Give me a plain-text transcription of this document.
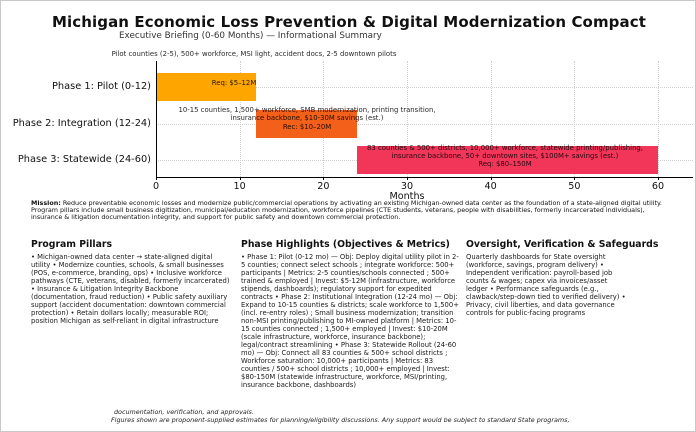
Michigan Economic Loss Prevention & Digital Modernization Compact
Executive Briefing (0-60 Months) — Informational Summary
0	10	20	30	40	50	60
Phase 1: Pilot (0-12)
Phase 2: Integration (12-24)
Phase 3: Statewide (24-60)
Pilot counties (2-5), 500+ workforce, MSI light, accident docs, 2-5 downtown pilots
Req: $5–12M
10-15 counties, 1,500+ workforce, SMB modernization, printing transition,
insurance backbone, $10-30M savings (est.)
Rec: $10–20M
83 counties & 500+ districts, 10,000+ workforce, statewide printing/publishing,
insurance backbone, 50+ downtown sites, $100M+ savings (est.)
Req: $80–150M
Months
Mission: Reduce preventable economic losses and modernize public/commercial operations by activating an existing Michigan-owned data center as the foundation of a state-aligned digital utility. Program pillars include small business digitization, municipal/education modernization, workforce pipelines (CTE students, veterans, people with disabilities, formerly incarcerated individuals), insurance & litigation documentation integrity, and support for public safety and downtown commercial protection.
Program Pillars

• Michigan-owned data center → state-aligned digital utility • Modernize counties, schools, & small businesses (POS, e-commerce, branding, ops) • Inclusive workforce pathways (CTE, veterans, disabled, formerly incarcerated) • Insurance & Litigation Integrity Backbone (documentation, fraud reduction) • Public safety auxiliary support (accident documentation: downtown commercial protection) • Retain dollars locally; measurable ROI; position Michigan as self-reliant in digital infrastructure

Phase Highlights (Objectives & Metrics)

• Phase 1: Pilot (0-12 mo) — Obj: Deploy digital utility pilot in 2-5 counties; connect select schools ; integrate workforce: 500+ participants | Metrics: 2-5 counties/schools connected ; 500+ trained & employed | Invest: $5-12M (infrastructure, workforce stipends, dashboards); regulatory support for expedited contracts • Phase 2: Institutional Integration (12-24 mo) — Obj: Expand to 10-15 counties & districts; scale workforce to 1,500+ (incl. re-entry roles) ; Small business modernization; transition non-MSI printing/publishing to MI-owned platform | Metrics: 10-15 counties connected ; 1,500+ employed | Invest: $10-20M (scale infrastructure, workforce, insurance backbone); legal/contract streamlining • Phase 3: Statewide Rollout (24-60 mo) — Obj: Connect all 83 counties & 500+ school districts ; Workforce saturation: 10,000+ participants | Metrics: 83 counties / 500+ school districts ; 10,000+ employed | Invest: $80-150M (statewide infrastructure, workforce, MSI/printing, insurance backbone, dashboards)

Oversight, Verification & Safeguards

Quarterly dashboards for State oversight (workforce, savings, program delivery) • Independent verification: payroll-based job counts & wages; capex via invoices/asset ledger • Performance safeguards (e.g., clawback/step-down tied to verified delivery) • Privacy, civil liberties, and data governance controls for public-facing programs

documentation, verification, and approvals.
Figures shown are proponent-supplied estimates for planning/eligibility discussions. Any support would be subject to standard State programs,
